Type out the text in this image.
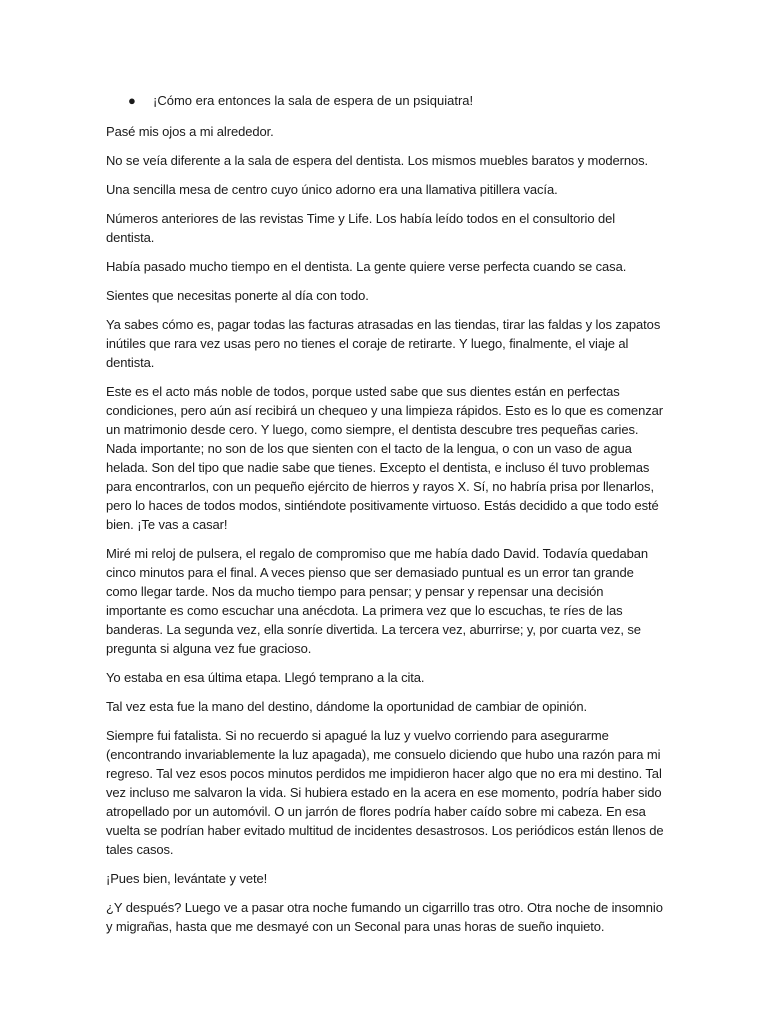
●	¡Cómo era entonces la sala de espera de un psiquiatra!

Pasé mis ojos a mi alrededor.

No se veía diferente a la sala de espera del dentista. Los mismos muebles baratos y modernos.

Una sencilla mesa de centro cuyo único adorno era una llamativa pitillera vacía.

Números anteriores de las revistas Time y Life. Los había leído todos en el consultorio del dentista.

Había pasado mucho tiempo en el dentista. La gente quiere verse perfecta cuando se casa.

Sientes que necesitas ponerte al día con todo.

Ya sabes cómo es, pagar todas las facturas atrasadas en las tiendas, tirar las faldas y los zapatos inútiles que rara vez usas pero no tienes el coraje de retirarte. Y luego, finalmente, el viaje al dentista.

Este es el acto más noble de todos, porque usted sabe que sus dientes están en perfectas condiciones, pero aún así recibirá un chequeo y una limpieza rápidos. Esto es lo que es comenzar un matrimonio desde cero. Y luego, como siempre, el dentista descubre tres pequeñas caries. Nada importante; no son de los que sienten con el tacto de la lengua, o con un vaso de agua helada. Son del tipo que nadie sabe que tienes. Excepto el dentista, e incluso él tuvo problemas para encontrarlos, con un pequeño ejército de hierros y rayos X. Sí, no habría prisa por llenarlos, pero lo haces de todos modos, sintiéndote positivamente virtuoso. Estás decidido a que todo esté bien. ¡Te vas a casar!

Miré mi reloj de pulsera, el regalo de compromiso que me había dado David. Todavía quedaban cinco minutos para el final. A veces pienso que ser demasiado puntual es un error tan grande como llegar tarde. Nos da mucho tiempo para pensar; y pensar y repensar una decisión importante es como escuchar una anécdota. La primera vez que lo escuchas, te ríes de las banderas. La segunda vez, ella sonríe divertida. La tercera vez, aburrirse; y, por cuarta vez, se pregunta si alguna vez fue gracioso.

Yo estaba en esa última etapa. Llegó temprano a la cita.

Tal vez esta fue la mano del destino, dándome la oportunidad de cambiar de opinión.

Siempre fui fatalista. Si no recuerdo si apagué la luz y vuelvo corriendo para asegurarme (encontrando invariablemente la luz apagada), me consuelo diciendo que hubo una razón para mi regreso. Tal vez esos pocos minutos perdidos me impidieron hacer algo que no era mi destino. Tal vez incluso me salvaron la vida. Si hubiera estado en la acera en ese momento, podría haber sido atropellado por un automóvil. O un jarrón de flores podría haber caído sobre mi cabeza. En esa vuelta se podrían haber evitado multitud de incidentes desastrosos. Los periódicos están llenos de tales casos.

¡Pues bien, levántate y vete!

¿Y después? Luego ve a pasar otra noche fumando un cigarrillo tras otro. Otra noche de insomnio y migrañas, hasta que me desmayé con un Seconal para unas horas de sueño inquieto.
